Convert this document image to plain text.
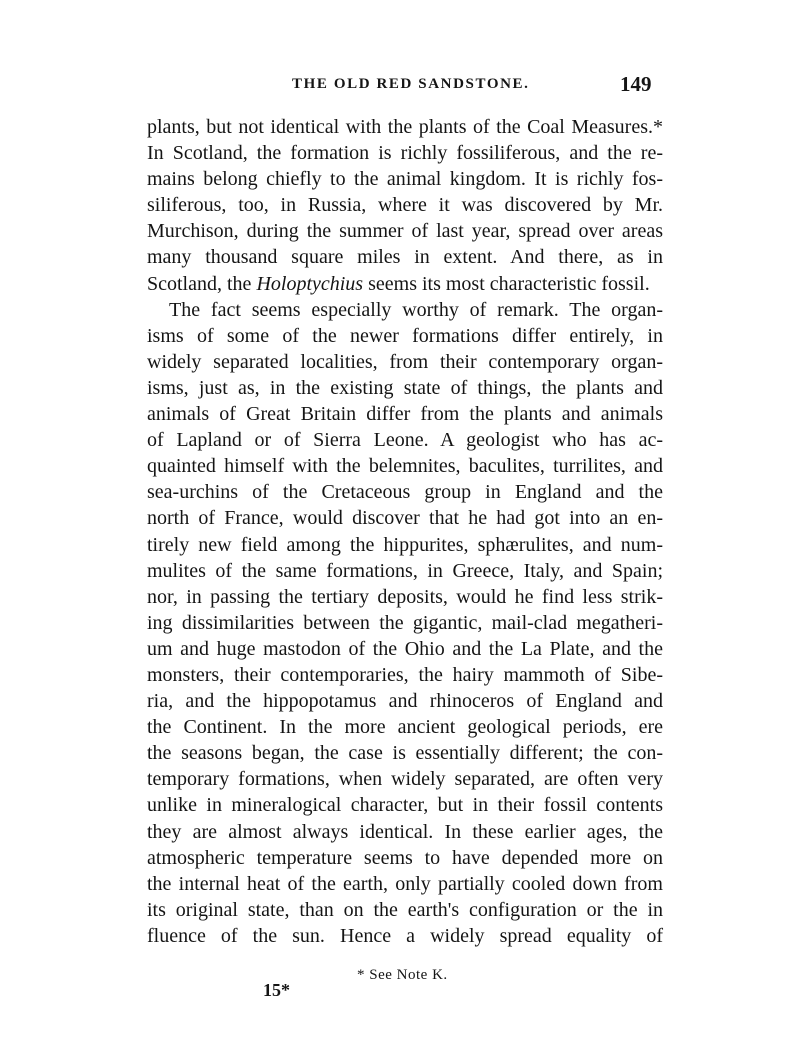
THE OLD RED SANDSTONE.	149
plants, but not identical with the plants of the Coal Measures.*
In Scotland, the formation is richly fossiliferous, and the re-
mains belong chiefly to the animal kingdom. It is richly fos-
siliferous, too, in Russia, where it was discovered by Mr.
Murchison, during the summer of last year, spread over areas
many thousand square miles in extent. And there, as in
Scotland, the Holoptychius seems its most characteristic fossil.
The fact seems especially worthy of remark. The organ-
isms of some of the newer formations differ entirely, in
widely separated localities, from their contemporary organ-
isms, just as, in the existing state of things, the plants and
animals of Great Britain differ from the plants and animals
of Lapland or of Sierra Leone. A geologist who has ac-
quainted himself with the belemnites, baculites, turrilites, and
sea-urchins of the Cretaceous group in England and the
north of France, would discover that he had got into an en-
tirely new field among the hippurites, sphærulites, and num-
mulites of the same formations, in Greece, Italy, and Spain;
nor, in passing the tertiary deposits, would he find less strik-
ing dissimilarities between the gigantic, mail-clad megatheri-
um and huge mastodon of the Ohio and the La Plate, and the
monsters, their contemporaries, the hairy mammoth of Sibe-
ria, and the hippopotamus and rhinoceros of England and
the Continent. In the more ancient geological periods, ere
the seasons began, the case is essentially different; the con-
temporary formations, when widely separated, are often very
unlike in mineralogical character, but in their fossil contents
they are almost always identical. In these earlier ages, the
atmospheric temperature seems to have depended more on
the internal heat of the earth, only partially cooled down from
its original state, than on the earth's configuration or the in
fluence of the sun. Hence a widely spread equality of
* See Note K.
15*
